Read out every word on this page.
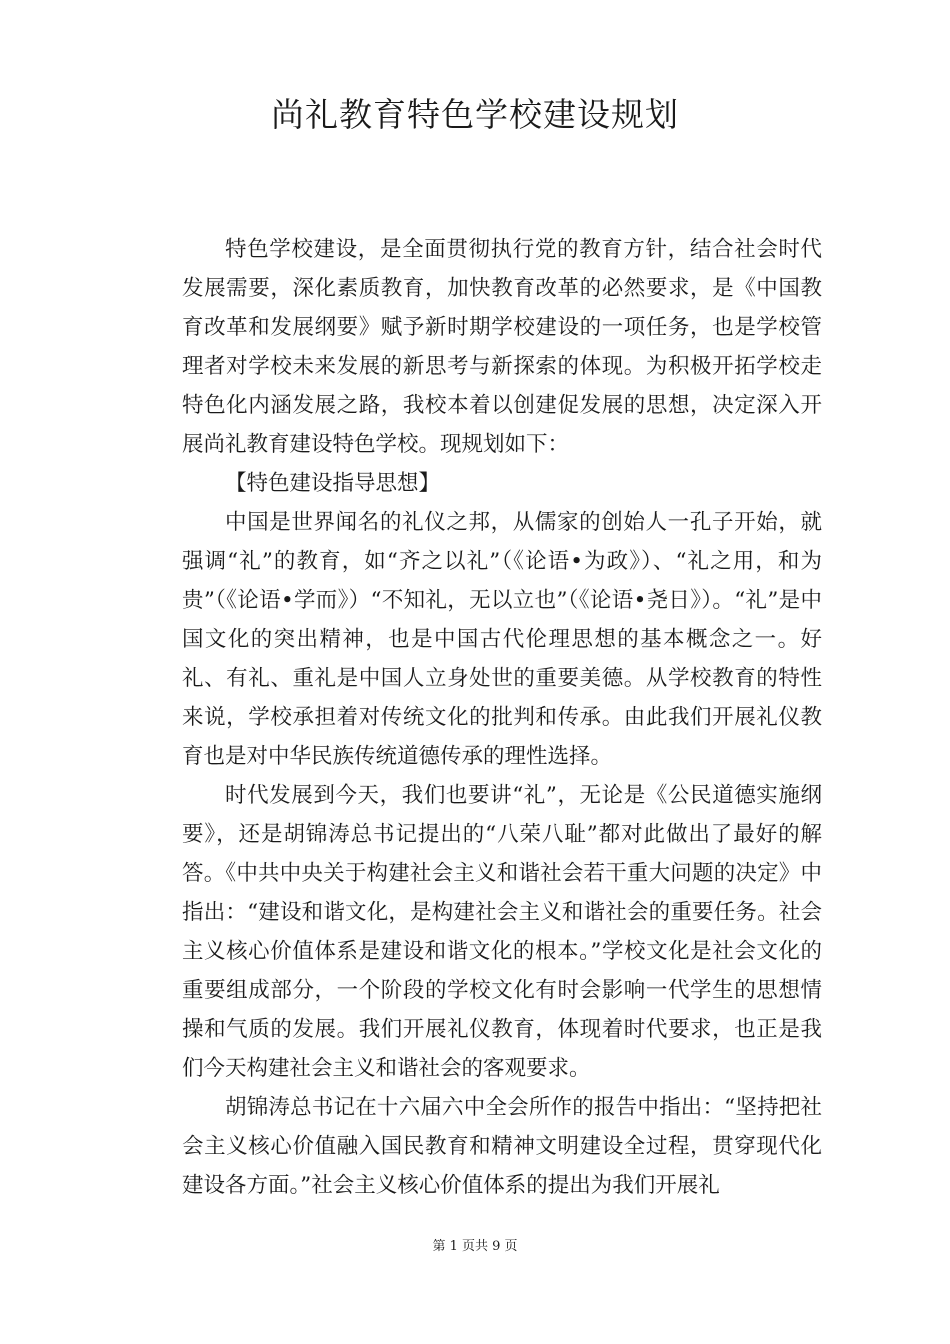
尚礼教育特色学校建设规划

特色学校建设，是全面贯彻执行党的教育方针，结合社会时代发展需要，深化素质教育，加快教育改革的必然要求，是《中国教育改革和发展纲要》赋予新时期学校建设的一项任务，也是学校管理者对学校未来发展的新思考与新探索的体现。为积极开拓学校走特色化内涵发展之路，我校本着以创建促发展的思想，决定深入开展尚礼教育建设特色学校。现规划如下：

【特色建设指导思想】

中国是世界闻名的礼仪之邦，从儒家的创始人一孔子开始，就强调“礼”的教育，如“齐之以礼”（《论语•为政》）、“礼之用，和为贵”（《论语•学而》）“不知礼，无以立也”（《论语•尧日》）。“礼”是中国文化的突出精神，也是中国古代伦理思想的基本概念之一。好礼、有礼、重礼是中国人立身处世的重要美德。从学校教育的特性来说，学校承担着对传统文化的批判和传承。由此我们开展礼仪教育也是对中华民族传统道德传承的理性选择。

时代发展到今天，我们也要讲“礼”，无论是《公民道德实施纲要》，还是胡锦涛总书记提出的“八荣八耻”都对此做出了最好的解答。《中共中央关于构建社会主义和谐社会若干重大问题的决定》中指出：“建设和谐文化，是构建社会主义和谐社会的重要任务。社会主义核心价值体系是建设和谐文化的根本。”学校文化是社会文化的重要组成部分，一个阶段的学校文化有时会影响一代学生的思想情操和气质的发展。我们开展礼仪教育，体现着时代要求，也正是我们今天构建社会主义和谐社会的客观要求。

胡锦涛总书记在十六届六中全会所作的报告中指出：“坚持把社会主义核心价值融入国民教育和精神文明建设全过程，贯穿现代化建设各方面。”社会主义核心价值体系的提出为我们开展礼

第 1 页共 9 页
